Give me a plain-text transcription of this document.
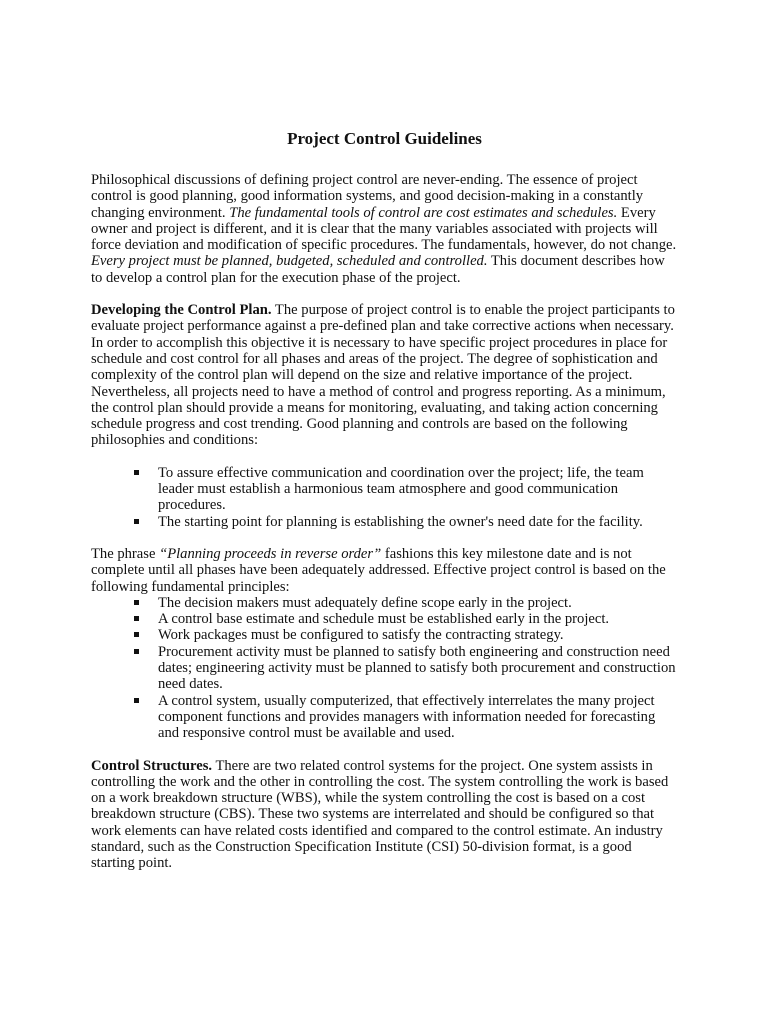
Project Control Guidelines

Philosophical discussions of defining project control are never-ending. The essence of project control is good planning, good information systems, and good decision-making in a constantly changing environment. The fundamental tools of control are cost estimates and schedules. Every owner and project is different, and it is clear that the many variables associated with projects will force deviation and modification of specific procedures. The fundamentals, however, do not change. Every project must be planned, budgeted, scheduled and controlled. This document describes how to develop a control plan for the execution phase of the project.

Developing the Control Plan. The purpose of project control is to enable the project participants to evaluate project performance against a pre-defined plan and take corrective actions when necessary. In order to accomplish this objective it is necessary to have specific project procedures in place for schedule and cost control for all phases and areas of the project. The degree of sophistication and complexity of the control plan will depend on the size and relative importance of the project. Nevertheless, all projects need to have a method of control and progress reporting. As a minimum, the control plan should provide a means for monitoring, evaluating, and taking action concerning schedule progress and cost trending. Good planning and controls are based on the following philosophies and conditions:

To assure effective communication and coordination over the project; life, the team leader must establish a harmonious team atmosphere and good communication procedures.
The starting point for planning is establishing the owner's need date for the facility.

The phrase “Planning proceeds in reverse order” fashions this key milestone date and is not complete until all phases have been adequately addressed. Effective project control is based on the following fundamental principles:

The decision makers must adequately define scope early in the project.
A control base estimate and schedule must be established early in the project.
Work packages must be configured to satisfy the contracting strategy.
Procurement activity must be planned to satisfy both engineering and construction need dates; engineering activity must be planned to satisfy both procurement and construction need dates.
A control system, usually computerized, that effectively interrelates the many project component functions and provides managers with information needed for forecasting and responsive control must be available and used.

Control Structures. There are two related control systems for the project. One system assists in controlling the work and the other in controlling the cost. The system controlling the work is based on a work breakdown structure (WBS), while the system controlling the cost is based on a cost breakdown structure (CBS). These two systems are interrelated and should be configured so that work elements can have related costs identified and compared to the control estimate. An industry standard, such as the Construction Specification Institute (CSI) 50-division format, is a good starting point.
